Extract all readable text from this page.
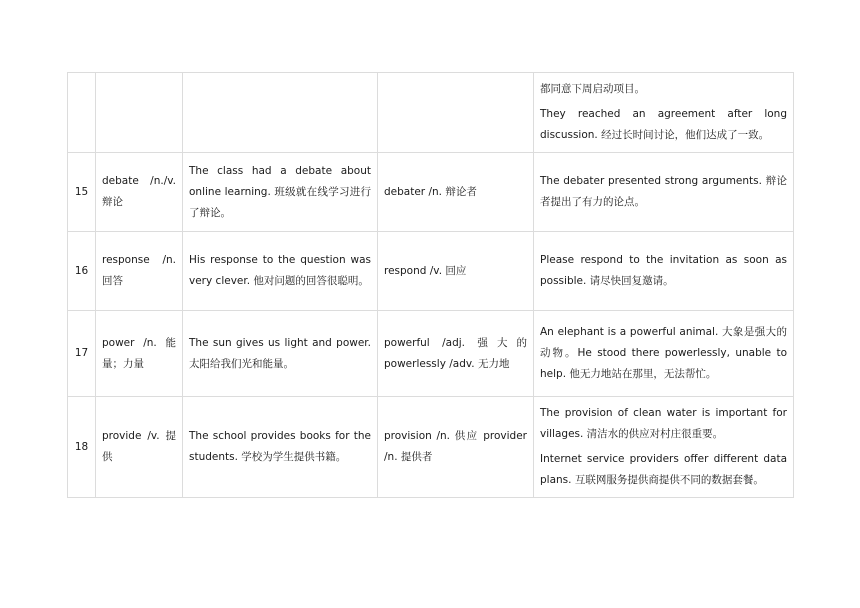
				都同意下周启动项目。

They reached an agreement after long discussion. 经过长时间讨论，他们达成了一致。

15	debate /n./v. 辩论	The class had a debate about online learning. 班级就在线学习进行了辩论。	debater /n. 辩论者	The debater presented strong arguments. 辩论者提出了有力的论点。

16	response /n. 回答	His response to the question was very clever. 他对问题的回答很聪明。	respond /v. 回应	Please respond to the invitation as soon as possible. 请尽快回复邀请。

17	power /n. 能量；力量	The sun gives us light and power. 太阳给我们光和能量。	powerful /adj. 强大的 powerlessly /adv. 无力地	An elephant is a powerful animal. 大象是强大的动物。He stood there powerlessly, unable to help. 他无力地站在那里，无法帮忙。

18	provide /v. 提供	The school provides books for the students. 学校为学生提供书籍。	provision /n. 供应 provider /n. 提供者	The provision of clean water is important for villages. 清洁水的供应对村庄很重要。

Internet service providers offer different data plans. 互联网服务提供商提供不同的数据套餐。
